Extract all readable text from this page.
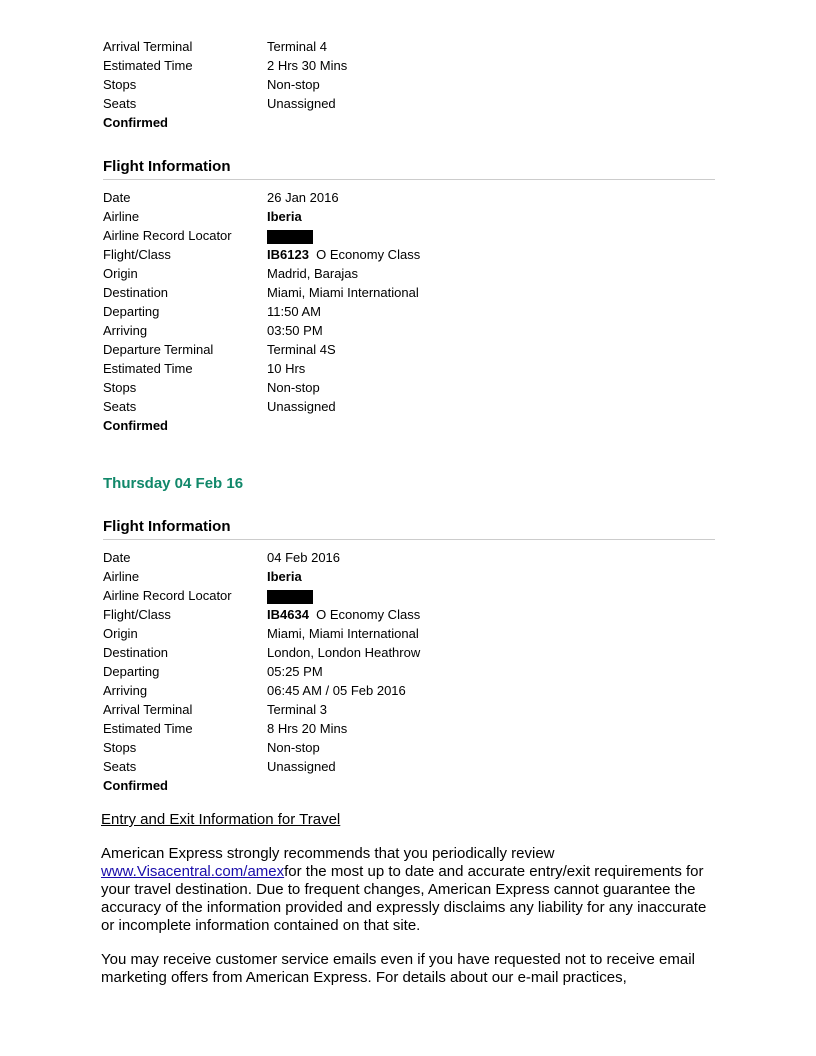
Arrival Terminal	Terminal 4
Estimated Time	2 Hrs 30 Mins
Stops	Non-stop
Seats	Unassigned
Confirmed
Flight Information
Date	26 Jan 2016
Airline	Iberia
Airline Record Locator
Flight/Class	IB6123 O Economy Class
Origin	Madrid, Barajas
Destination	Miami, Miami International
Departing	11:50 AM
Arriving	03:50 PM
Departure Terminal	Terminal 4S
Estimated Time	10 Hrs
Stops	Non-stop
Seats	Unassigned
Confirmed
Thursday 04 Feb 16
Flight Information
Date	04 Feb 2016
Airline	Iberia
Airline Record Locator
Flight/Class	IB4634 O Economy Class
Origin	Miami, Miami International
Destination	London, London Heathrow
Departing	05:25 PM
Arriving	06:45 AM / 05 Feb 2016
Arrival Terminal	Terminal 3
Estimated Time	8 Hrs 20 Mins
Stops	Non-stop
Seats	Unassigned
Confirmed
Entry and Exit Information for Travel
American Express strongly recommends that you periodically review www.Visacentral.com/amexfor the most up to date and accurate entry/exit requirements for your travel destination. Due to frequent changes, American Express cannot guarantee the accuracy of the information provided and expressly disclaims any liability for any inaccurate or incomplete information contained on that site.
You may receive customer service emails even if you have requested not to receive email marketing offers from American Express. For details about our e-mail practices,
